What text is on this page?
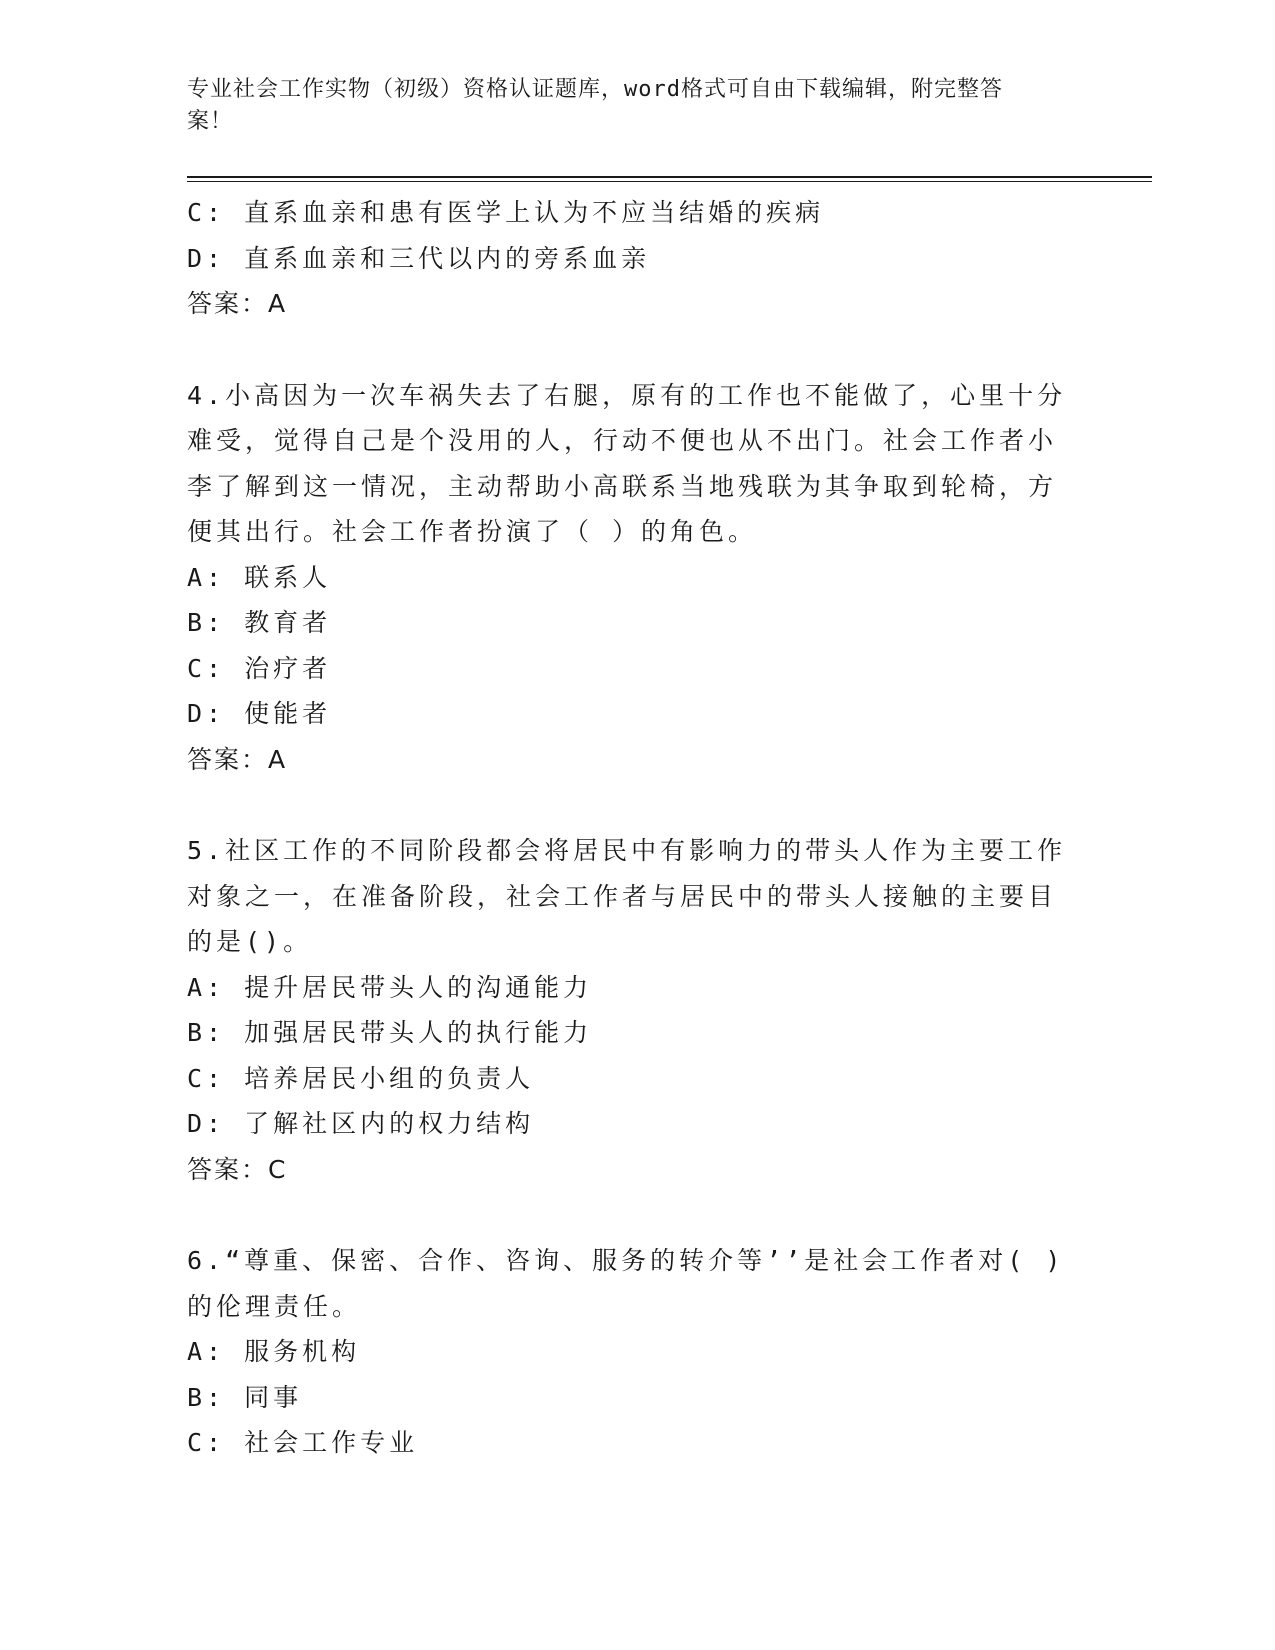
专业社会工作实物（初级）资格认证题库，word格式可自由下载编辑，附完整答
案！
C: 直系血亲和患有医学上认为不应当结婚的疾病
D: 直系血亲和三代以内的旁系血亲
答案：A
4.小高因为一次车祸失去了右腿，原有的工作也不能做了，心里十分
难受，觉得自己是个没用的人，行动不便也从不出门。社会工作者小
李了解到这一情况，主动帮助小高联系当地残联为其争取到轮椅，方
便其出行。社会工作者扮演了（ ）的角色。
A: 联系人
B: 教育者
C: 治疗者
D: 使能者
答案：A
5.社区工作的不同阶段都会将居民中有影响力的带头人作为主要工作
对象之一，在准备阶段，社会工作者与居民中的带头人接触的主要目
的是()。
A: 提升居民带头人的沟通能力
B: 加强居民带头人的执行能力
C: 培养居民小组的负责人
D: 了解社区内的权力结构
答案：C
6.“尊重、保密、合作、咨询、服务的转介等’’是社会工作者对( )
的伦理责任。
A: 服务机构
B: 同事
C: 社会工作专业
